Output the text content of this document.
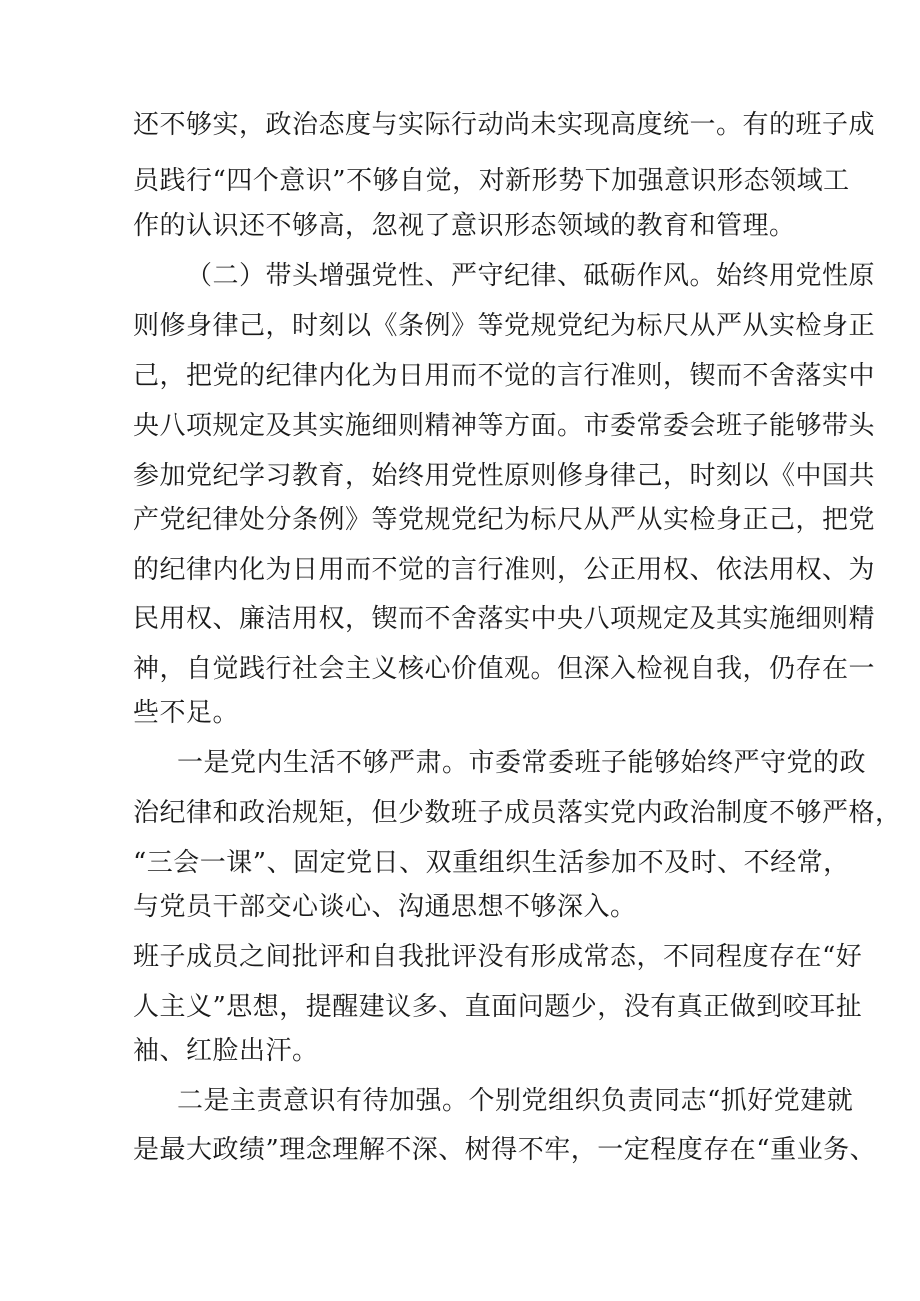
还不够实，政治态度与实际行动尚未实现高度统一。有的班子成
员践行“四个意识”不够自觉，对新形势下加强意识形态领域工
作的认识还不够高，忽视了意识形态领域的教育和管理。
（二）带头增强党性、严守纪律、砥砺作风。始终用党性原
则修身律己，时刻以《条例》等党规党纪为标尺从严从实检身正
己，把党的纪律内化为日用而不觉的言行准则，锲而不舍落实中
央八项规定及其实施细则精神等方面。市委常委会班子能够带头
参加党纪学习教育，始终用党性原则修身律己，时刻以《中国共
产党纪律处分条例》等党规党纪为标尺从严从实检身正己，把党
的纪律内化为日用而不觉的言行准则，公正用权、依法用权、为
民用权、廉洁用权，锲而不舍落实中央八项规定及其实施细则精
神，自觉践行社会主义核心价值观。但深入检视自我，仍存在一
些不足。
一是党内生活不够严肃。市委常委班子能够始终严守党的政
治纪律和政治规矩，但少数班子成员落实党内政治制度不够严格，
“三会一课”、固定党日、双重组织生活参加不及时、不经常，
与党员干部交心谈心、沟通思想不够深入。
班子成员之间批评和自我批评没有形成常态，不同程度存在“好
人主义”思想，提醒建议多、直面问题少，没有真正做到咬耳扯
袖、红脸出汗。
二是主责意识有待加强。个别党组织负责同志“抓好党建就
是最大政绩”理念理解不深、树得不牢，一定程度存在“重业务、
